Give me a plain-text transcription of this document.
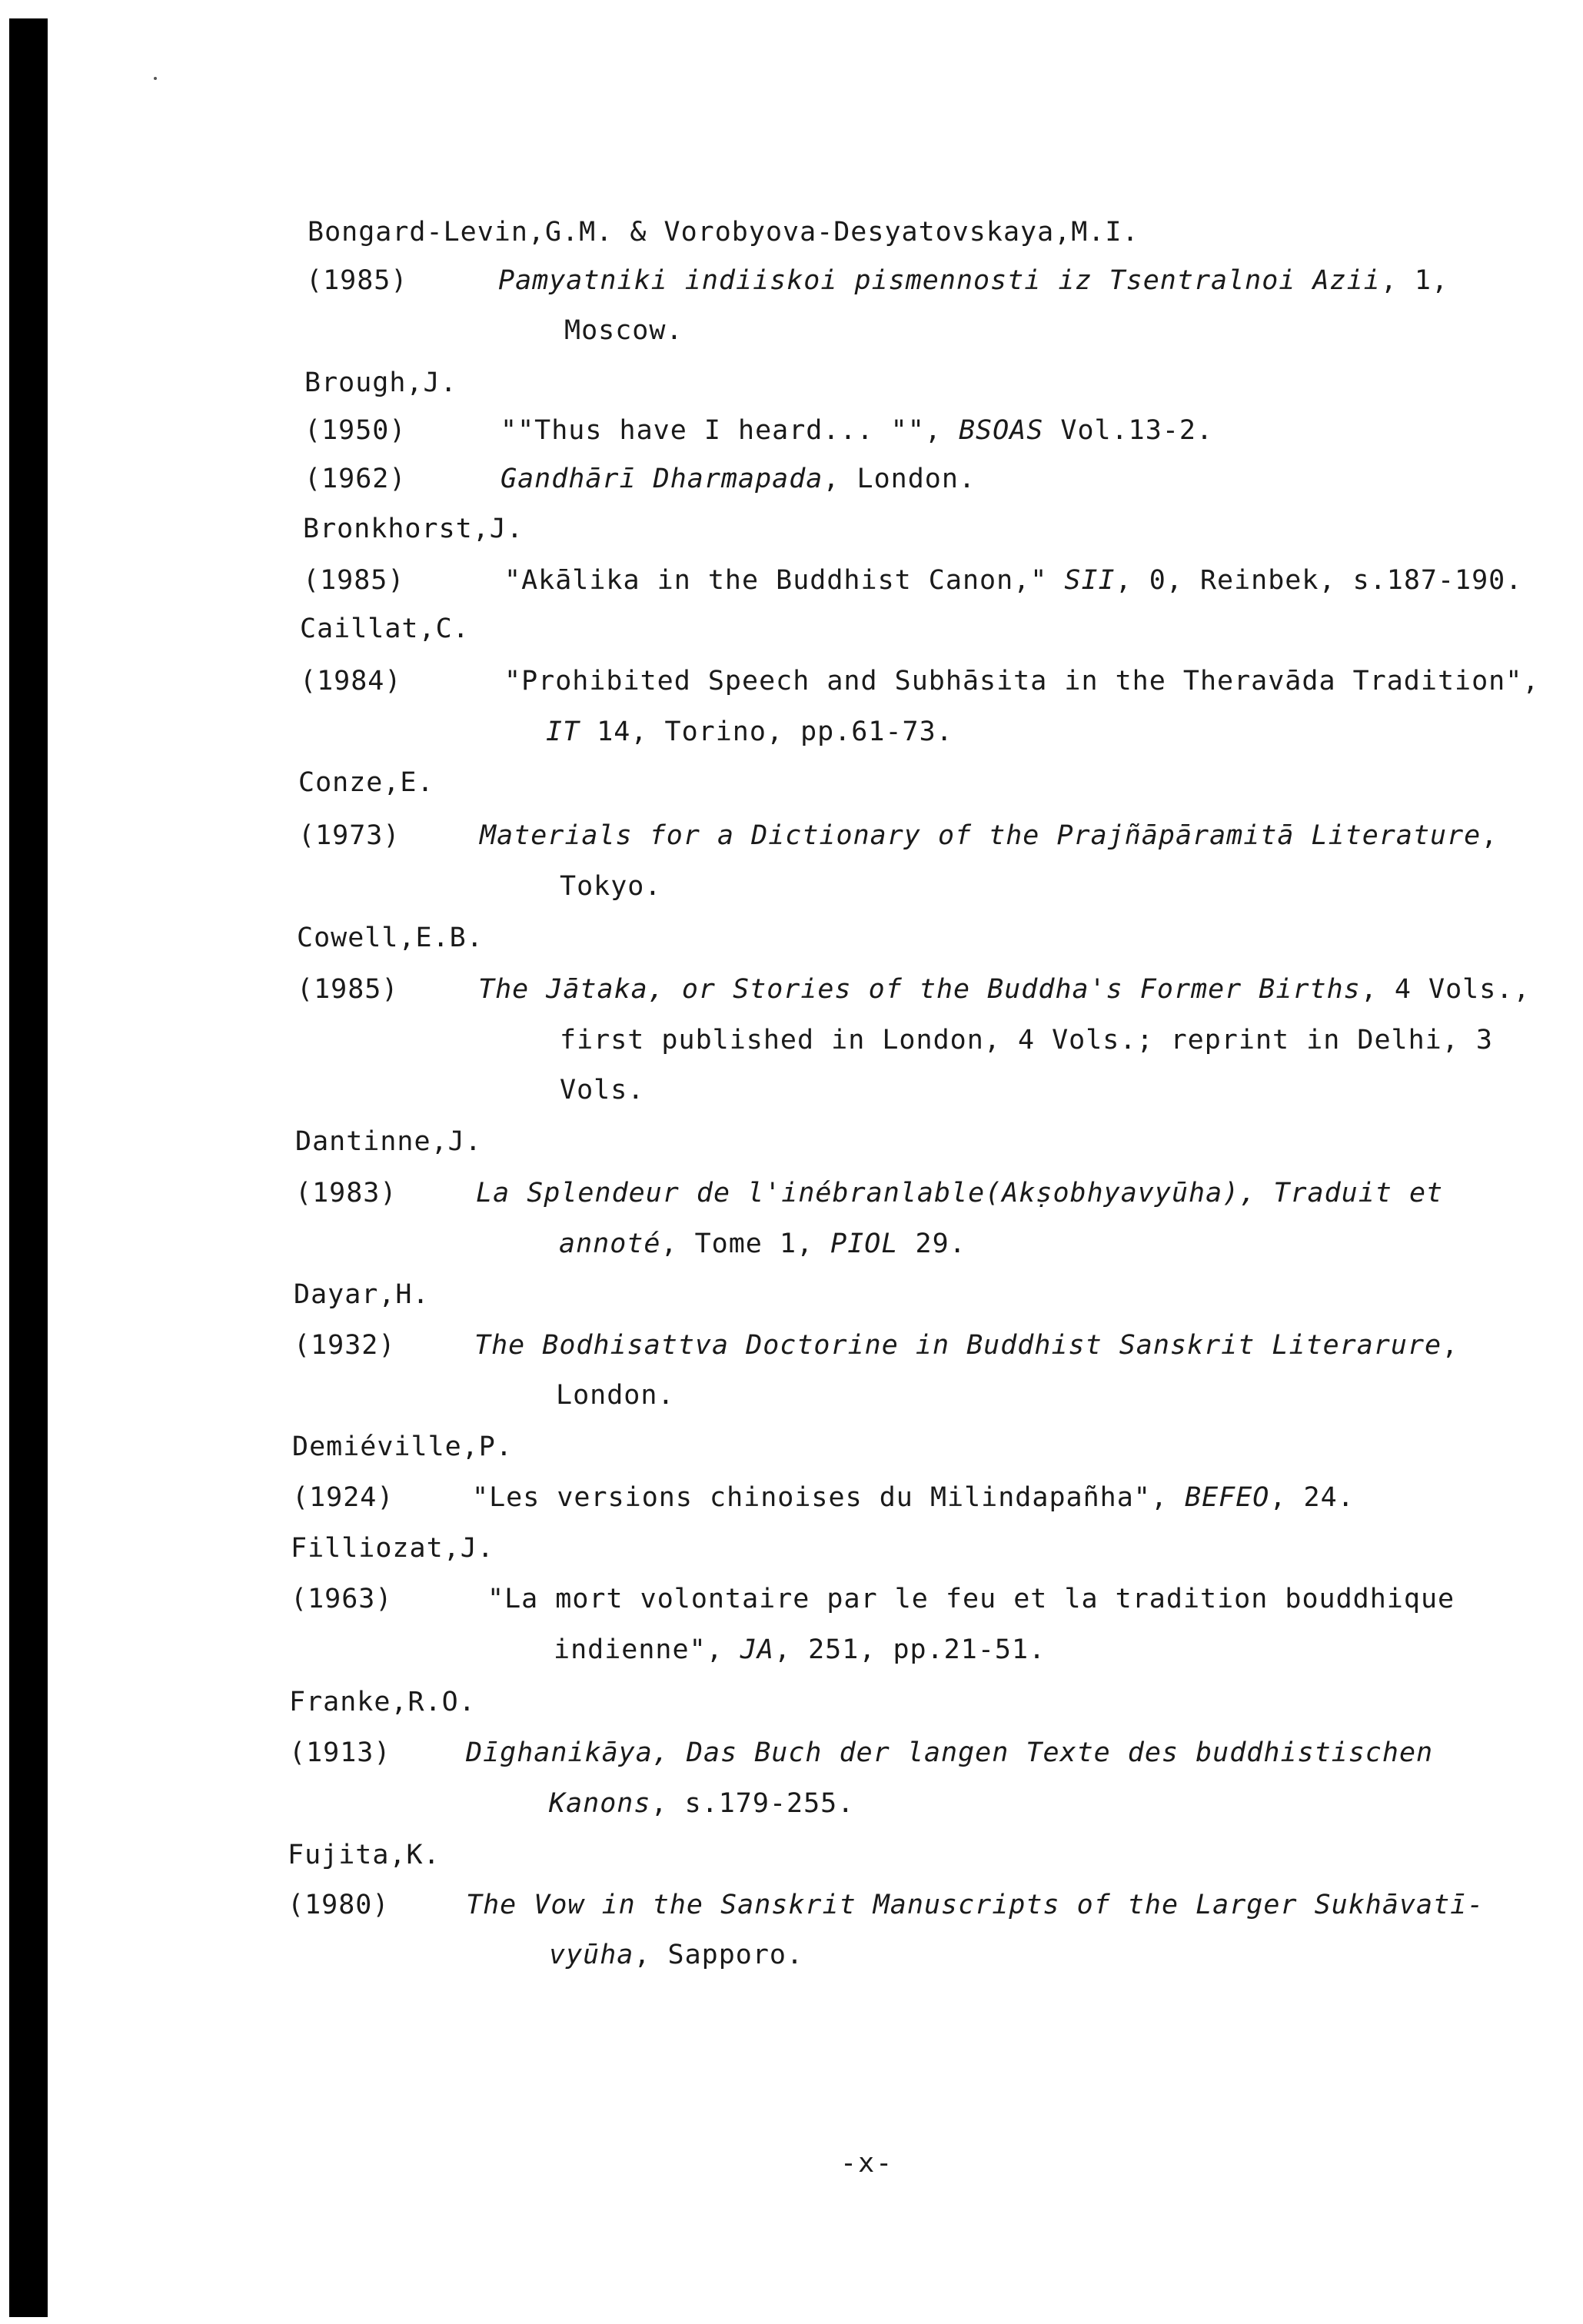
Bongard-Levin,G.M. & Vorobyova-Desyatovskaya,M.I.
(1985)	Pamyatniki indiiskoi pismennosti iz Tsentralnoi Azii, 1,
Moscow.
Brough,J.
(1950)	""Thus have I heard... "", BSOAS Vol.13-2.
(1962)	Gandhārī Dharmapada, London.
Bronkhorst,J.
(1985)	"Akālika in the Buddhist Canon," SII, 0, Reinbek, s.187-190.
Caillat,C.
(1984)	"Prohibited Speech and Subhāsita in the Theravāda Tradition",
IT 14, Torino, pp.61-73.
Conze,E.
(1973)	Materials for a Dictionary of the Prajñāpāramitā Literature,
Tokyo.
Cowell,E.B.
(1985)	The Jātaka, or Stories of the Buddha's Former Births, 4 Vols.,
first published in London, 4 Vols.; reprint in Delhi, 3
Vols.
Dantinne,J.
(1983)	La Splendeur de l'inébranlable(Akṣobhyavyūha), Traduit et
annoté, Tome 1, PIOL 29.
Dayar,H.
(1932)	The Bodhisattva Doctorine in Buddhist Sanskrit Literarure,
London.
Demiéville,P.
(1924)	"Les versions chinoises du Milindapañha", BEFEO, 24.
Filliozat,J.
(1963)	"La mort volontaire par le feu et la tradition bouddhique
indienne", JA, 251, pp.21-51.
Franke,R.O.
(1913)	Dīghanikāya, Das Buch der langen Texte des buddhistischen
Kanons, s.179-255.
Fujita,K.
(1980)	The Vow in the Sanskrit Manuscripts of the Larger Sukhāvatī-
vyūha, Sapporo.
-x-
